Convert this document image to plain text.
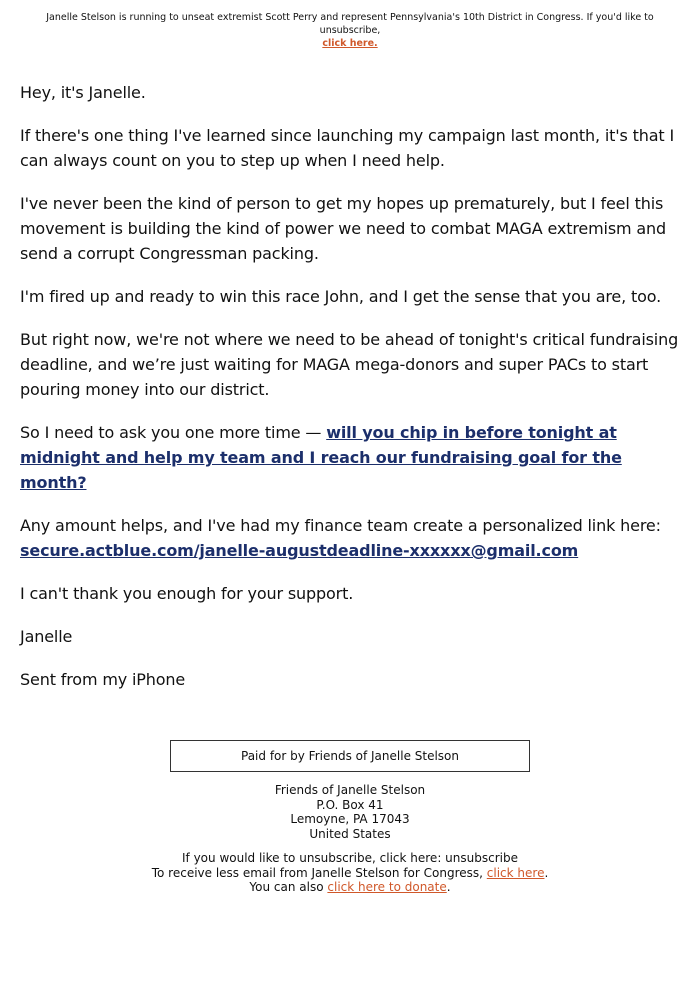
Janelle Stelson is running to unseat extremist Scott Perry and represent Pennsylvania's 10th District in Congress. If you'd like to unsubscribe,
click here.

Hey, it's Janelle.

If there's one thing I've learned since launching my campaign last month, it's that I can always count on you to step up when I need help.

I've never been the kind of person to get my hopes up prematurely, but I feel this movement is building the kind of power we need to combat MAGA extremism and send a corrupt Congressman packing.

I'm fired up and ready to win this race John, and I get the sense that you are, too.

But right now, we're not where we need to be ahead of tonight's critical fundraising deadline, and we’re just waiting for MAGA mega-donors and super PACs to start pouring money into our district.

So I need to ask you one more time — will you chip in before tonight at midnight and help my team and I reach our fundraising goal for the month?

Any amount helps, and I've had my finance team create a personalized link here:
secure.actblue.com/janelle-augustdeadline-xxxxxx@gmail.com

I can't thank you enough for your support.

Janelle

Sent from my iPhone

Paid for by Friends of Janelle Stelson
Friends of Janelle Stelson
P.O. Box 41
Lemoyne, PA 17043
United States
If you would like to unsubscribe, click here: unsubscribe
To receive less email from Janelle Stelson for Congress, click here.
You can also click here to donate.
